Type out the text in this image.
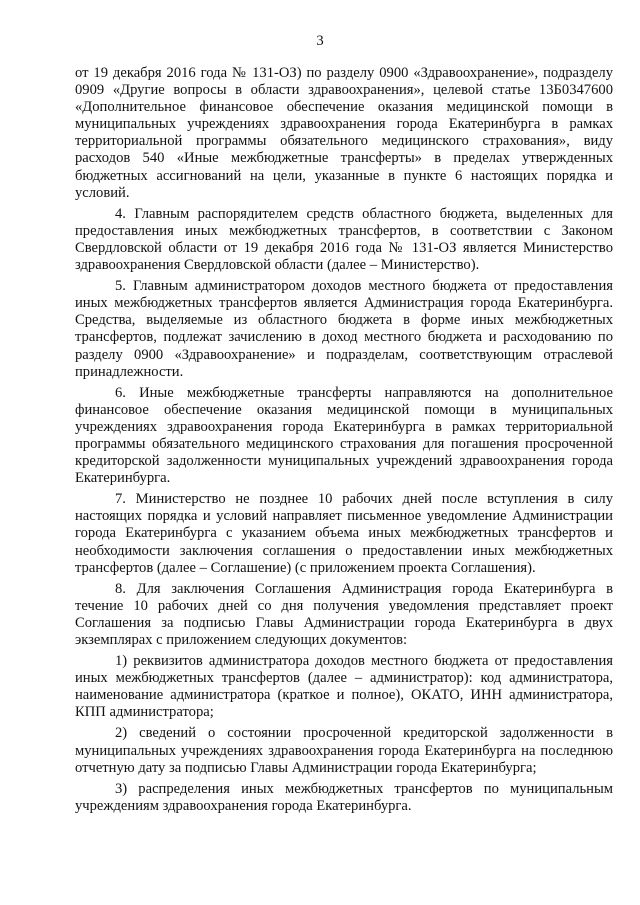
3

от 19 декабря 2016 года № 131-ОЗ) по разделу 0900 «Здравоохранение», подразделу 0909 «Другие вопросы в области здравоохранения», целевой статье 13Б0347600 «Дополнительное финансовое обеспечение оказания медицинской помощи в муниципальных учреждениях здравоохранения города Екатеринбурга в рамках территориальной программы обязательного медицинского страхования», виду расходов 540 «Иные межбюджетные трансферты» в пределах утвержденных бюджетных ассигнований на цели, указанные в пункте 6 настоящих порядка и условий.

4. Главным распорядителем средств областного бюджета, выделенных для предоставления иных межбюджетных трансфертов, в соответствии с Законом Свердловской области от 19 декабря 2016 года № 131-ОЗ является Министерство здравоохранения Свердловской области (далее – Министерство).

5. Главным администратором доходов местного бюджета от предоставления иных межбюджетных трансфертов является Администрация города Екатеринбурга. Средства, выделяемые из областного бюджета в форме иных межбюджетных трансфертов, подлежат зачислению в доход местного бюджета и расходованию по разделу 0900 «Здравоохранение» и подразделам, соответствующим отраслевой принадлежности.

6. Иные межбюджетные трансферты направляются на дополнительное финансовое обеспечение оказания медицинской помощи в муниципальных учреждениях здравоохранения города Екатеринбурга в рамках территориальной программы обязательного медицинского страхования для погашения просроченной кредиторской задолженности муниципальных учреждений здравоохранения города Екатеринбурга.

7. Министерство не позднее 10 рабочих дней после вступления в силу настоящих порядка и условий направляет письменное уведомление Администрации города Екатеринбурга с указанием объема иных межбюджетных трансфертов и необходимости заключения соглашения о предоставлении иных межбюджетных трансфертов (далее – Соглашение) (с приложением проекта Соглашения).

8. Для заключения Соглашения Администрация города Екатеринбурга в течение 10 рабочих дней со дня получения уведомления представляет проект Соглашения за подписью Главы Администрации города Екатеринбурга в двух экземплярах с приложением следующих документов:

1) реквизитов администратора доходов местного бюджета от предоставления иных межбюджетных трансфертов (далее – администратор): код администратора, наименование администратора (краткое и полное), ОКАТО, ИНН администратора, КПП администратора;

2) сведений о состоянии просроченной кредиторской задолженности в муниципальных учреждениях здравоохранения города Екатеринбурга на последнюю отчетную дату за подписью Главы Администрации города Екатеринбурга;

3) распределения иных межбюджетных трансфертов по муниципальным учреждениям здравоохранения города Екатеринбурга.
